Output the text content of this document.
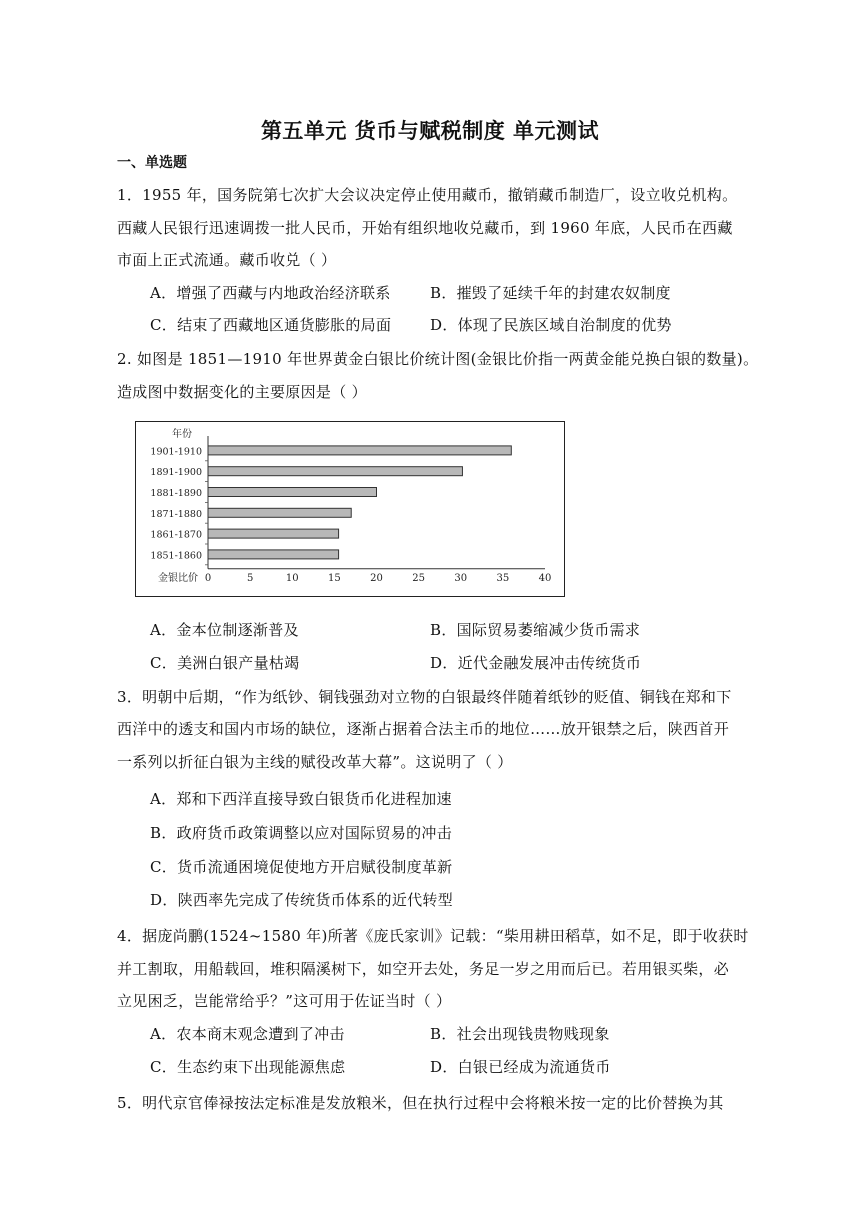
第五单元 货币与赋税制度 单元测试
一、单选题
1．1955 年，国务院第七次扩大会议决定停止使用藏币，撤销藏币制造厂，设立收兑机构。
西藏人民银行迅速调拨一批人民币，开始有组织地收兑藏币，到 1960 年底，人民币在西藏
市面上正式流通。藏币收兑（ ）
A．增强了西藏与内地政治经济联系	B．摧毁了延续千年的封建农奴制度
C．结束了西藏地区通货膨胀的局面	D．体现了民族区域自治制度的优势
2. 如图是 1851—1910 年世界黄金白银比价统计图(金银比价指一两黄金能兑换白银的数量)。
造成图中数据变化的主要原因是（ ）
年份
1901-1910
1891-1900
1881-1890
1871-1880
1861-1870
1851-1860
金银比价 0	5	10	15	20	25	30	35	40
A．金本位制逐渐普及	B．国际贸易萎缩减少货币需求
C．美洲白银产量枯竭	D．近代金融发展冲击传统货币
3．明朝中后期，“作为纸钞、铜钱强劲对立物的白银最终伴随着纸钞的贬值、铜钱在郑和下
西洋中的透支和国内市场的缺位，逐渐占据着合法主币的地位……放开银禁之后，陕西首开
一系列以折征白银为主线的赋役改革大幕”。这说明了（ ）
A．郑和下西洋直接导致白银货币化进程加速
B．政府货币政策调整以应对国际贸易的冲击
C．货币流通困境促使地方开启赋役制度革新
D．陕西率先完成了传统货币体系的近代转型
4．据庞尚鹏(1524~1580 年)所著《庞氏家训》记载：“柴用耕田稻草，如不足，即于收获时
并工割取，用船载回，堆积隔溪树下，如空开去处，务足一岁之用而后已。若用银买柴，必
立见困乏，岂能常给乎？”这可用于佐证当时（ ）
A．农本商末观念遭到了冲击	B．社会出现钱贵物贱现象
C．生态约束下出现能源焦虑	D．白银已经成为流通货币
5．明代京官俸禄按法定标准是发放粮米，但在执行过程中会将粮米按一定的比价替换为其
